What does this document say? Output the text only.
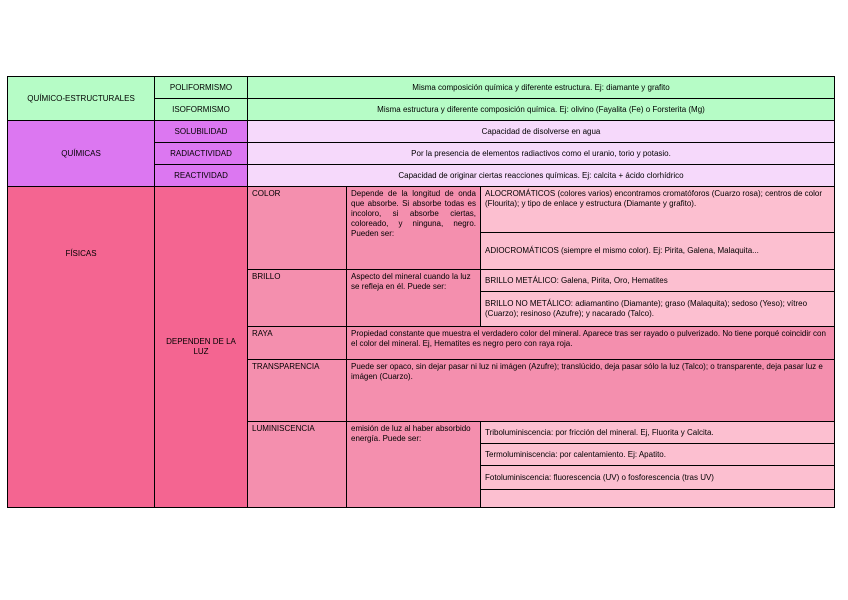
QUÍMICO-ESTRUCTURALES	POLIFORMISMO	Misma composición química y diferente estructura. Ej: diamante y grafito		
	ISOFORMISMO	Misma estructura y diferente composición química. Ej: olivino (Fayalita (Fe) o Forsterita (Mg)		
QUÍMICAS	SOLUBILIDAD	Capacidad de disolverse en agua		
	RADIACTIVIDAD	Por la presencia de elementos radiactivos como el uranio, torio y potasio.		
	REACTIVIDAD	Capacidad de originar ciertas reacciones químicas. Ej: calcita + ácido clorhídrico		
FÍSICAS	DEPENDEN DE LA LUZ	COLOR	Depende de la longitud de onda que absorbe. Si absorbe todas es incoloro, si absorbe ciertas, coloreado, y ninguna, negro. Pueden ser:	ALOCROMÁTICOS (colores varios) encontramos cromatóforos (Cuarzo rosa); centros de color (Flourita); y tipo de enlace y estructura (Diamante y grafito).
				ADIOCROMÁTICOS (siempre el mismo color). Ej: Pirita, Galena, Malaquita...
		BRILLO	Aspecto del mineral cuando la luz se refleja en él. Puede ser:	BRILLO METÁLICO: Galena, Pirita, Oro, Hematites
				BRILLO NO METÁLICO: adiamantino (Diamante); graso (Malaquita); sedoso (Yeso); vítreo (Cuarzo); resinoso (Azufre); y nacarado (Talco).
		RAYA	Propiedad constante que muestra el verdadero color del mineral. Aparece tras ser rayado o pulverizado. No tiene porqué coincidir con el color del mineral. Ej, Hematites es negro pero con raya roja.	
		TRANSPARENCIA	Puede ser opaco, sin dejar pasar ni luz ni imágen (Azufre); translúcido, deja pasar sólo la luz (Talco); o transparente, deja pasar luz e imágen (Cuarzo).	
		LUMINISCENCIA	emisión de luz al haber absorbido energía. Puede ser:	Triboluminiscencia: por fricción del mineral. Ej, Fluorita y Calcita.
				Termoluminiscencia: por calentamiento. Ej: Apatito.
				Fotoluminiscencia: fluorescencia (UV) o fosforescencia (tras UV)
